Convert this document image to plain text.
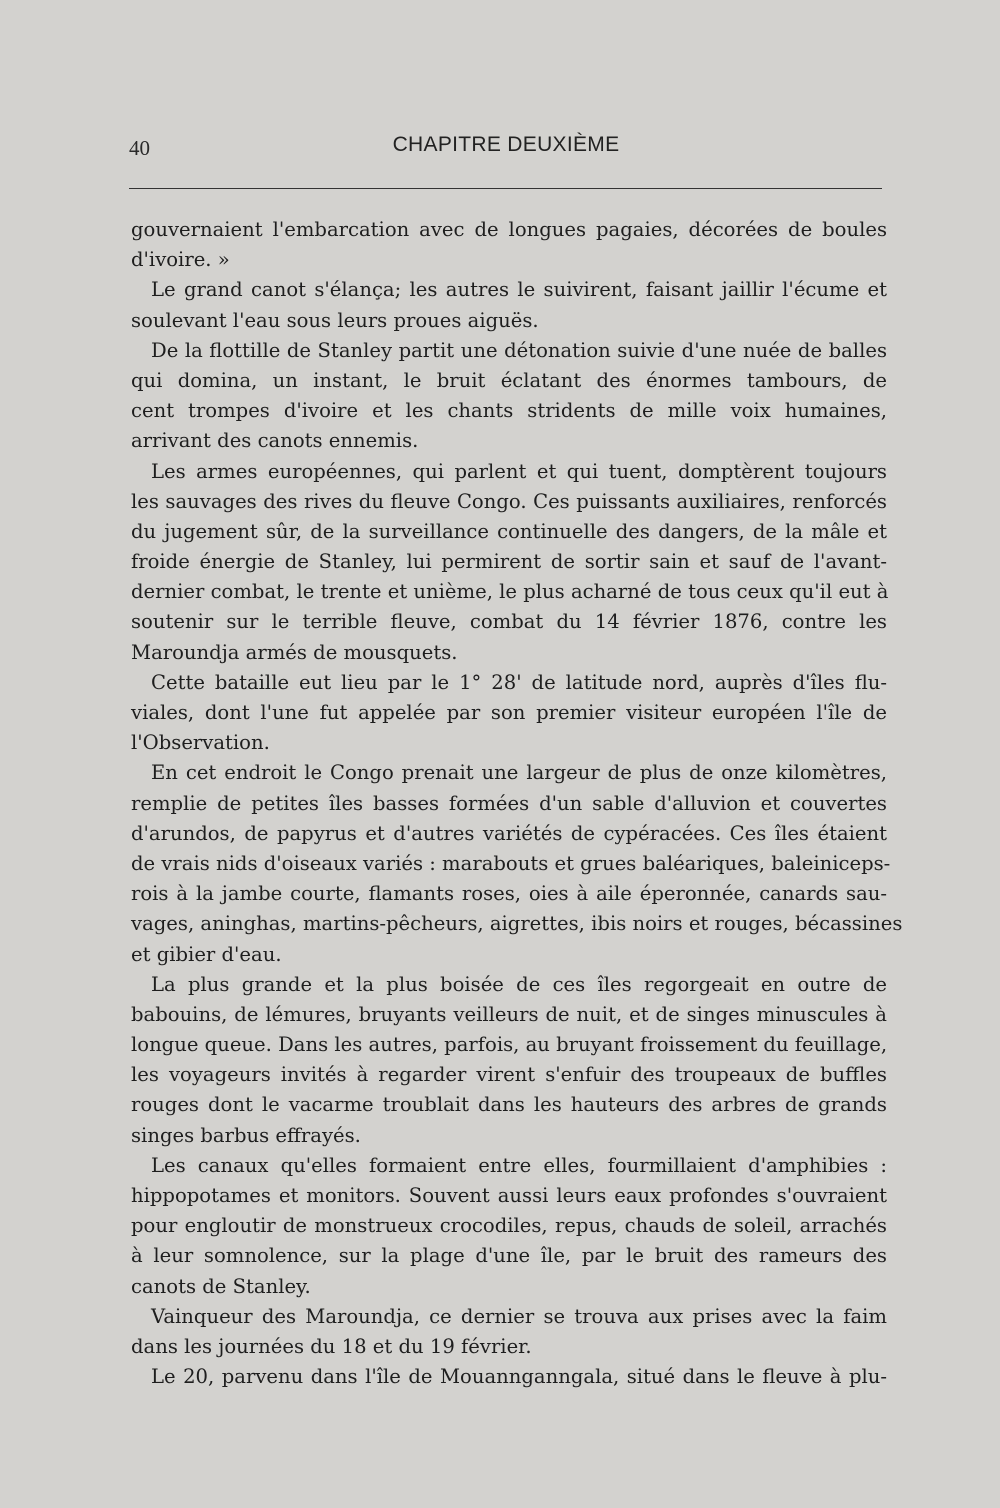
40	CHAPITRE DEUXIÈME
gouvernaient l'embarcation avec de longues pagaies, décorées de boules
d'ivoire. »
Le grand canot s'élança; les autres le suivirent, faisant jaillir l'écume et
soulevant l'eau sous leurs proues aiguës.
De la flottille de Stanley partit une détonation suivie d'une nuée de balles
qui domina, un instant, le bruit éclatant des énormes tambours, de
cent trompes d'ivoire et les chants stridents de mille voix humaines,
arrivant des canots ennemis.
Les armes européennes, qui parlent et qui tuent, domptèrent toujours
les sauvages des rives du fleuve Congo. Ces puissants auxiliaires, renforcés
du jugement sûr, de la surveillance continuelle des dangers, de la mâle et
froide énergie de Stanley, lui permirent de sortir sain et sauf de l'avant-
dernier combat, le trente et unième, le plus acharné de tous ceux qu'il eut à
soutenir sur le terrible fleuve, combat du 14 février 1876, contre les
Maroundja armés de mousquets.
Cette bataille eut lieu par le 1° 28' de latitude nord, auprès d'îles flu-
viales, dont l'une fut appelée par son premier visiteur européen l'île de
l'Observation.
En cet endroit le Congo prenait une largeur de plus de onze kilomètres,
remplie de petites îles basses formées d'un sable d'alluvion et couvertes
d'arundos, de papyrus et d'autres variétés de cypéracées. Ces îles étaient
de vrais nids d'oiseaux variés : marabouts et grues baléariques, baleiniceps-
rois à la jambe courte, flamants roses, oies à aile éperonnée, canards sau-
vages, aninghas, martins-pêcheurs, aigrettes, ibis noirs et rouges, bécassines
et gibier d'eau.
La plus grande et la plus boisée de ces îles regorgeait en outre de
babouins, de lémures, bruyants veilleurs de nuit, et de singes minuscules à
longue queue. Dans les autres, parfois, au bruyant froissement du feuillage,
les voyageurs invités à regarder virent s'enfuir des troupeaux de buffles
rouges dont le vacarme troublait dans les hauteurs des arbres de grands
singes barbus effrayés.
Les canaux qu'elles formaient entre elles, fourmillaient d'amphibies :
hippopotames et monitors. Souvent aussi leurs eaux profondes s'ouvraient
pour engloutir de monstrueux crocodiles, repus, chauds de soleil, arrachés
à leur somnolence, sur la plage d'une île, par le bruit des rameurs des
canots de Stanley.
Vainqueur des Maroundja, ce dernier se trouva aux prises avec la faim
dans les journées du 18 et du 19 février.
Le 20, parvenu dans l'île de Mouannganngala, situé dans le fleuve à plu-
